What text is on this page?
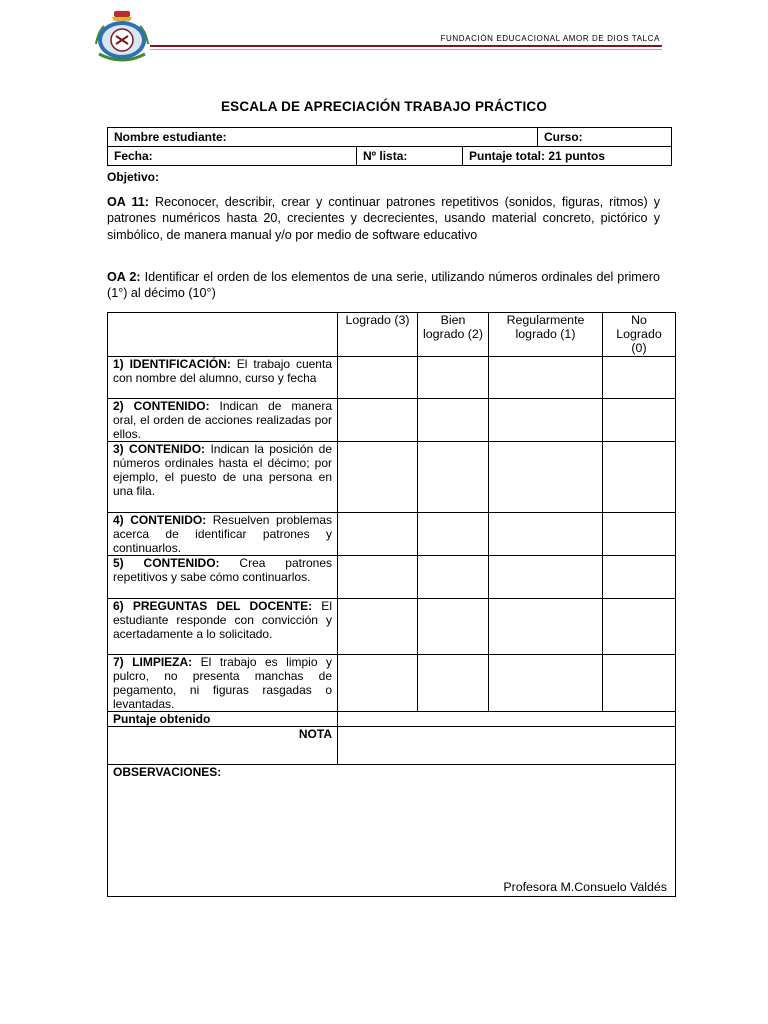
FUNDACIÓN EDUCACIONAL AMOR DE DIOS TALCA
ESCALA DE APRECIACIÓN TRABAJO PRÁCTICO
Nombre estudiante:			Curso:
Fecha:	Nº lista:	Puntaje total: 21 puntos	
Objetivo:

OA 11: Reconocer, describir, crear y continuar patrones repetitivos (sonidos, figuras, ritmos) y patrones numéricos hasta 20, crecientes y decrecientes, usando material concreto, pictórico y simbólico, de manera manual y/o por medio de software educativo

OA 2: Identificar el orden de los elementos de una serie, utilizando números ordinales del primero (1°) al décimo (10°)

	Logrado (3)	Bien logrado (2)	Regularmente logrado (1)	No Logrado (0)
1) IDENTIFICACIÓN: El trabajo cuenta con nombre del alumno, curso y fecha				
2) CONTENIDO: Indican de manera oral, el orden de acciones realizadas por ellos.				
3) CONTENIDO: Indican la posición de números ordinales hasta el décimo; por ejemplo, el puesto de una persona en una fila.				
4) CONTENIDO: Resuelven problemas acerca de identificar patrones y continuarlos.				
5) CONTENIDO: Crea patrones repetitivos y sabe cómo continuarlos.				
6) PREGUNTAS DEL DOCENTE: El estudiante responde con convicción y acertadamente a lo solicitado.				
7) LIMPIEZA: El trabajo es limpio y pulcro, no presenta manchas de pegamento, ni figuras rasgadas o levantadas.				
Puntaje obtenido				
NOTA				
OBSERVACIONES:
Profesora M.Consuelo Valdés				
